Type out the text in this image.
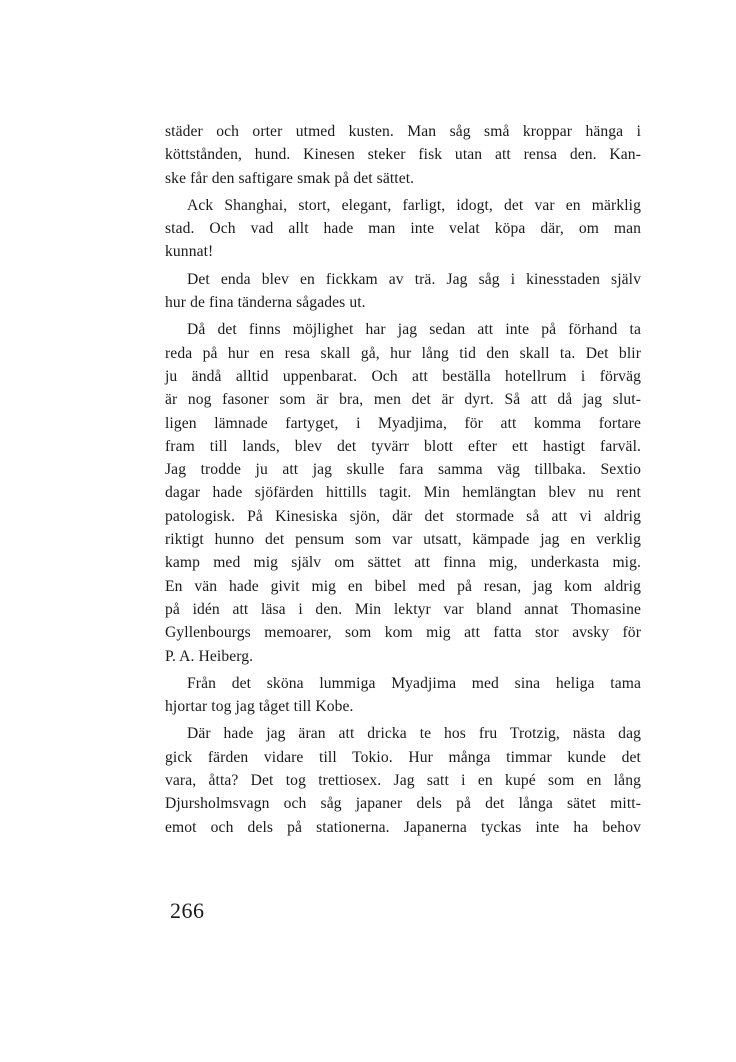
städer och orter utmed kusten. Man såg små kroppar hänga i
köttstånden, hund. Kinesen steker fisk utan att rensa den. Kan-
ske får den saftigare smak på det sättet.
Ack Shanghai, stort, elegant, farligt, idogt, det var en märklig
stad. Och vad allt hade man inte velat köpa där, om man
kunnat!
Det enda blev en fickkam av trä. Jag såg i kinesstaden själv
hur de fina tänderna sågades ut.
Då det finns möjlighet har jag sedan att inte på förhand ta
reda på hur en resa skall gå, hur lång tid den skall ta. Det blir
ju ändå alltid uppenbarat. Och att beställa hotellrum i förväg
är nog fasoner som är bra, men det är dyrt. Så att då jag slut-
ligen lämnade fartyget, i Myadjima, för att komma fortare
fram till lands, blev det tyvärr blott efter ett hastigt farväl.
Jag trodde ju att jag skulle fara samma väg tillbaka. Sextio
dagar hade sjöfärden hittills tagit. Min hemlängtan blev nu rent
patologisk. På Kinesiska sjön, där det stormade så att vi aldrig
riktigt hunno det pensum som var utsatt, kämpade jag en verklig
kamp med mig själv om sättet att finna mig, underkasta mig.
En vän hade givit mig en bibel med på resan, jag kom aldrig
på idén att läsa i den. Min lektyr var bland annat Thomasine
Gyllenbourgs memoarer, som kom mig att fatta stor avsky för
P. A. Heiberg.
Från det sköna lummiga Myadjima med sina heliga tama
hjortar tog jag tåget till Kobe.
Där hade jag äran att dricka te hos fru Trotzig, nästa dag
gick färden vidare till Tokio. Hur många timmar kunde det
vara, åtta? Det tog trettiosex. Jag satt i en kupé som en lång
Djursholmsvagn och såg japaner dels på det långa sätet mitt-
emot och dels på stationerna. Japanerna tyckas inte ha behov
266
